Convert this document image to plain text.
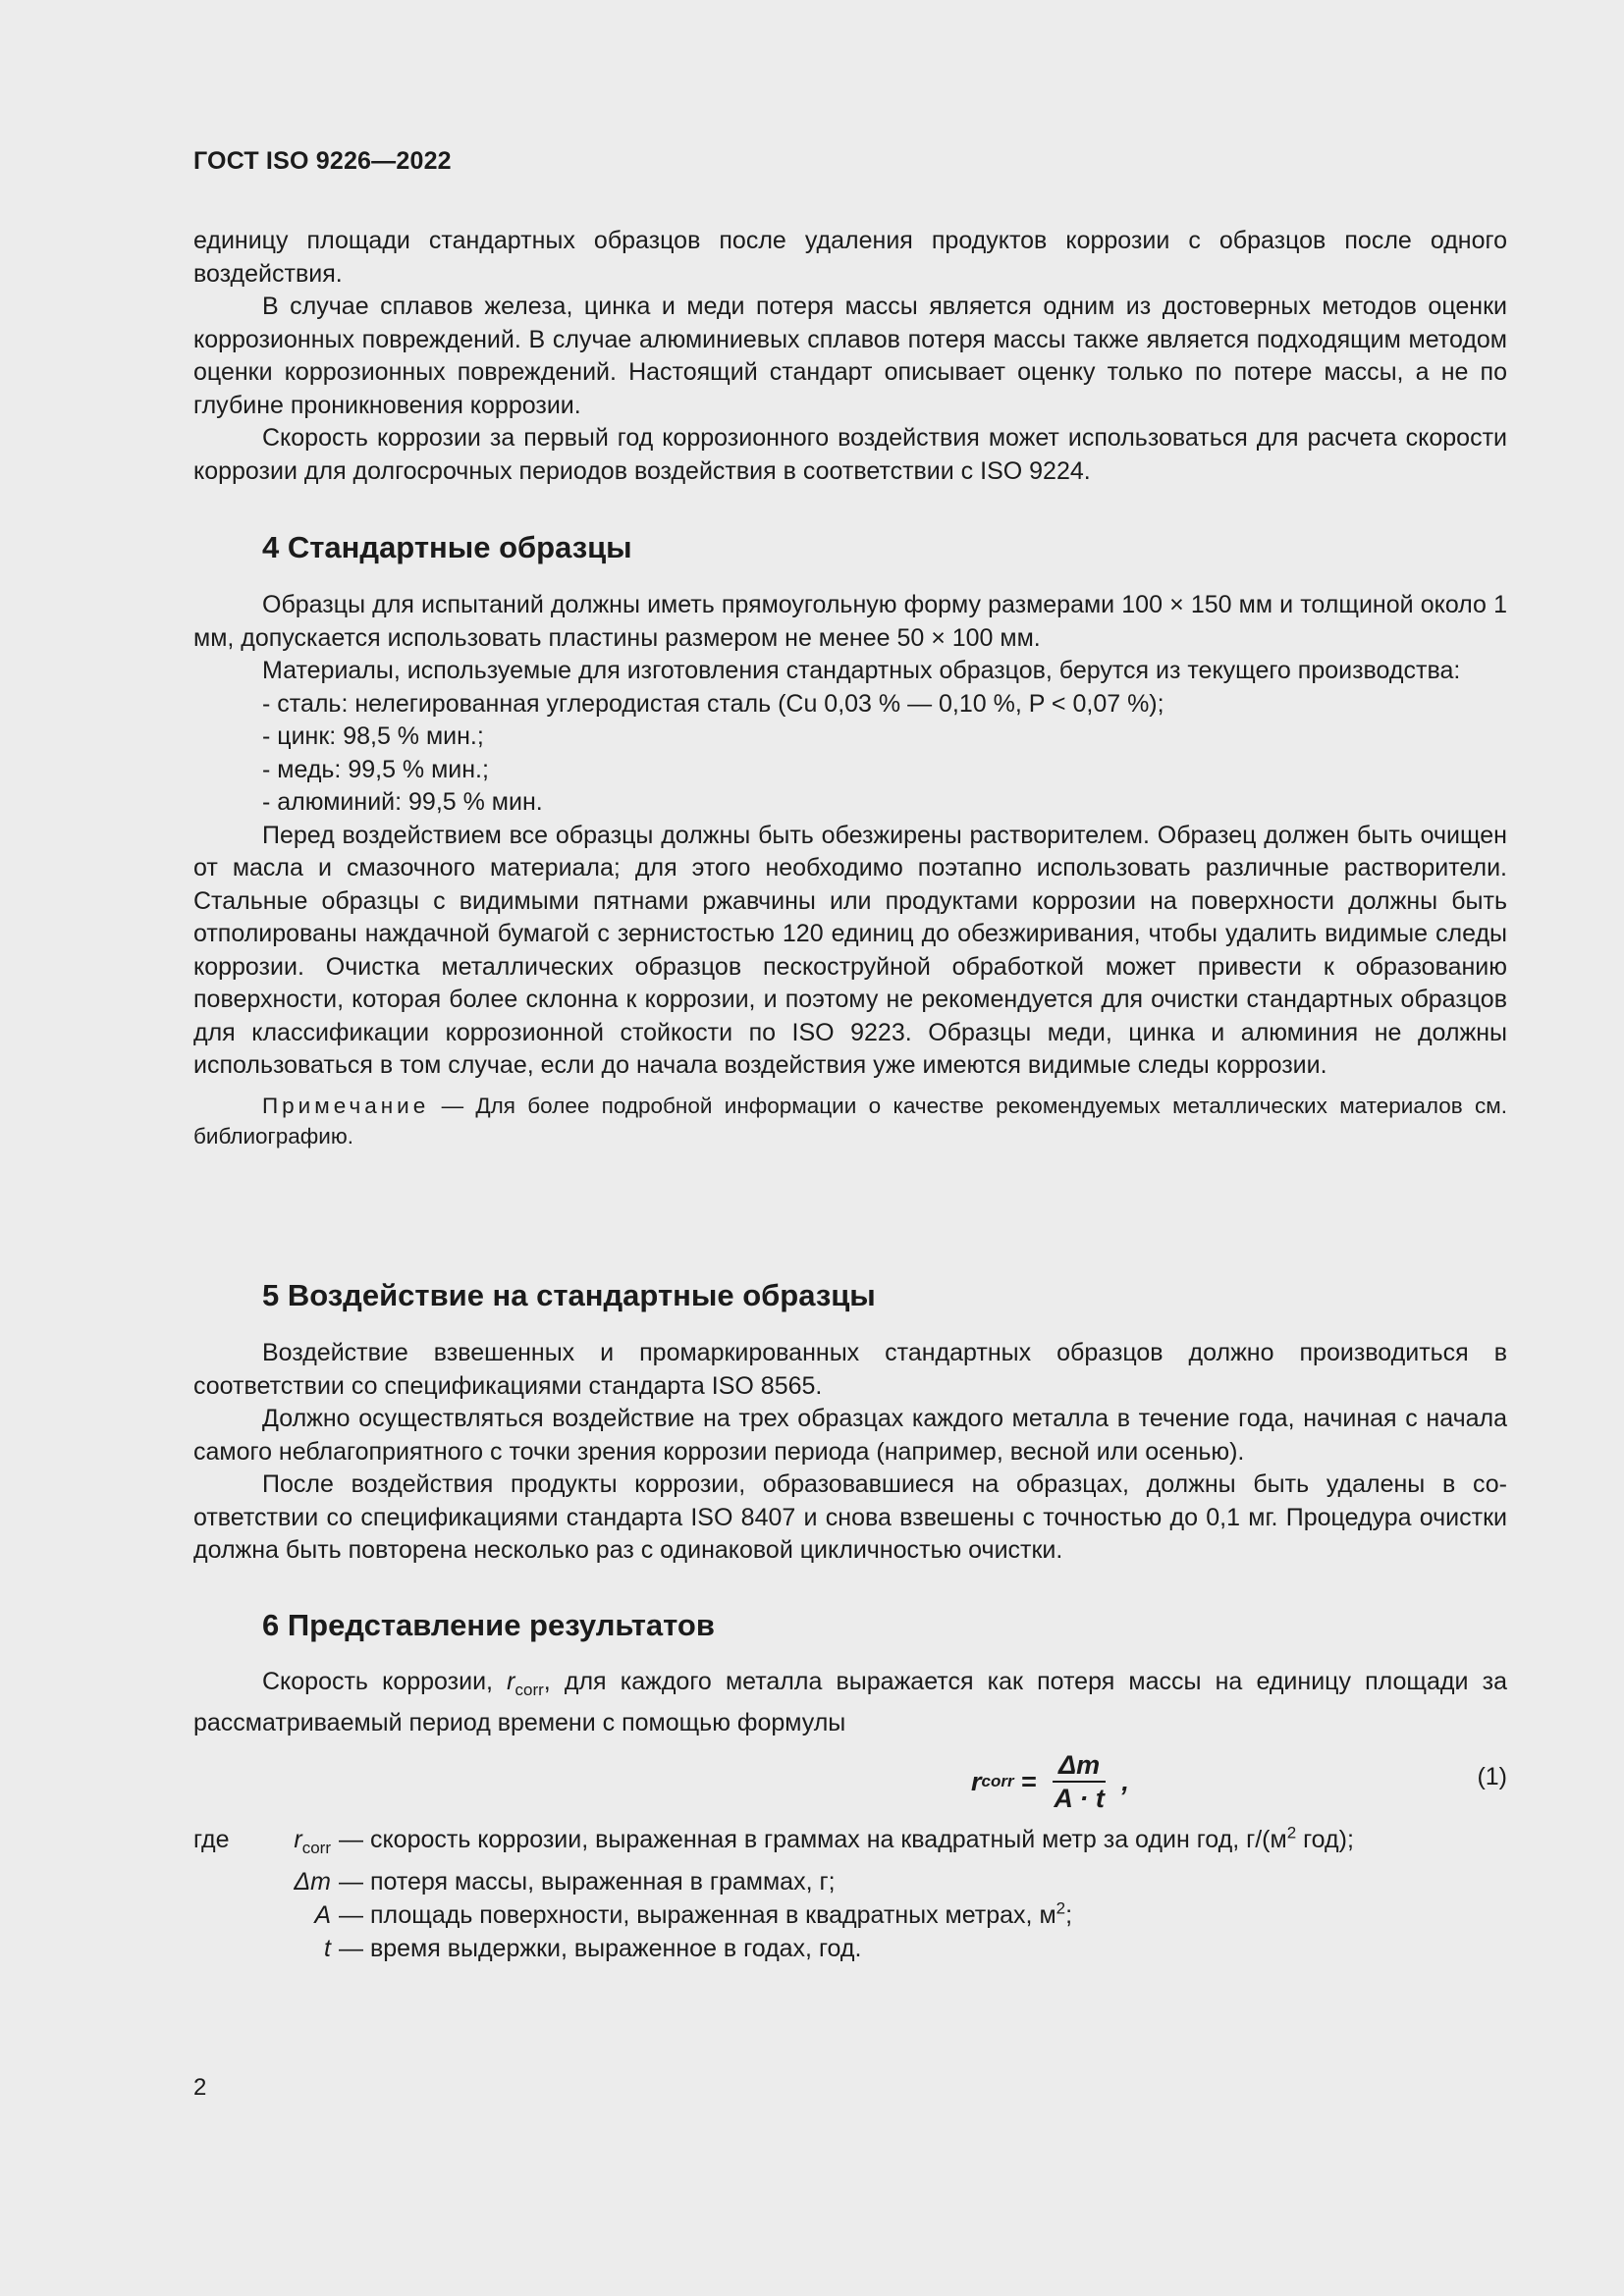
ГОСТ ISO 9226—2022

единицу площади стандартных образцов после удаления продуктов коррозии с образцов после одного воздействия.

В случае сплавов железа, цинка и меди потеря массы является одним из достоверных методов оценки коррозионных повреждений. В случае алюминиевых сплавов потеря массы также является подходящим методом оценки коррозионных повреждений. Настоящий стандарт описывает оценку только по потере массы, а не по глубине проникновения коррозии.

Скорость коррозии за первый год коррозионного воздействия может использоваться для расчета скорости коррозии для долгосрочных периодов воздействия в соответствии с ISO 9224.

4 Стандартные образцы

Образцы для испытаний должны иметь прямоугольную форму размерами 100 × 150 мм и толщиной около 1 мм, допускается использовать пластины размером не менее 50 × 100 мм.

Материалы, используемые для изготовления стандартных образцов, берутся из текущего производства:

- сталь: нелегированная углеродистая сталь (Cu 0,03 % — 0,10 %, P < 0,07 %);

- цинк: 98,5 % мин.;

- медь: 99,5 % мин.;

- алюминий: 99,5 % мин.

Перед воздействием все образцы должны быть обезжирены растворителем. Образец должен быть очищен от масла и смазочного материала; для этого необходимо поэтапно использовать различные растворители. Стальные образцы с видимыми пятнами ржавчины или продуктами коррозии на поверхности должны быть отполированы наждачной бумагой с зернистостью 120 единиц до обезжиривания, чтобы удалить видимые следы коррозии. Очистка металлических образцов пескоструйной обработкой может привести к образованию поверхности, которая более склонна к коррозии, и поэтому не рекомендуется для очистки стандартных образцов для классификации коррозионной стойкости по ISO 9223. Образцы меди, цинка и алюминия не должны использоваться в том случае, если до начала воздействия уже имеются видимые следы коррозии.

Примечание — Для более подробной информации о качестве рекомендуемых металлических материалов см. библиографию.

5 Воздействие на стандартные образцы

Воздействие взвешенных и промаркированных стандартных образцов должно производиться в соответствии со спецификациями стандарта ISO 8565.

Должно осуществляться воздействие на трех образцах каждого металла в течение года, начиная с начала самого неблагоприятного с точки зрения коррозии периода (например, весной или осенью).

После воздействия продукты коррозии, образовавшиеся на образцах, должны быть удалены в соответствии со спецификациями стандарта ISO 8407 и снова взвешены с точностью до 0,1 мг. Процедура очистки должна быть повторена несколько раз с одинаковой цикличностью очистки.

6 Представление результатов

Скорость коррозии, $r_{corr}$, для каждого металла выражается как потеря массы на единицу площади за рассматриваемый период времени с помощью формулы

r corr = $\frac{\Delta m}{A \cdot t}$ ,	(1)
где	$r_{corr}$ — скорость коррозии, выраженная в граммах на квадратный метр за один год, $г/(м^2$ год);
Δm — потеря массы, выраженная в граммах, г;
A — площадь поверхности, выраженная в квадратных метрах, $м^2$;
t — время выдержки, выраженное в годах, год.
2
